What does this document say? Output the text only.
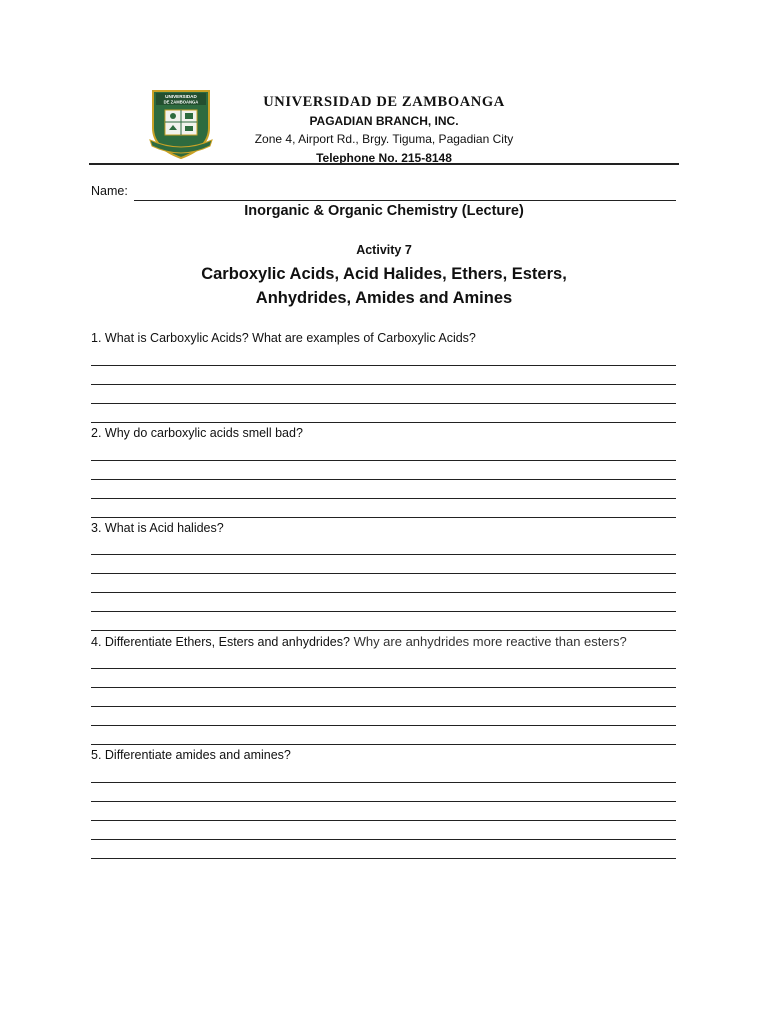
UNIVERSIDAD
DE ZAMBOANGA	UNIVERSIDAD DE ZAMBOANGA
PAGADIAN BRANCH, INC.
Zone 4, Airport Rd., Brgy. Tiguma, Pagadian City
Telephone No. 215-8148
Name:
Inorganic & Organic Chemistry (Lecture)
Activity 7
Carboxylic Acids, Acid Halides, Ethers, Esters,
Anhydrides, Amides and Amines
1. What is Carboxylic Acids? What are examples of Carboxylic Acids?
2. Why do carboxylic acids smell bad?
3. What is Acid halides?
4. Differentiate Ethers, Esters and anhydrides? Why are anhydrides more reactive than esters?
5. Differentiate amides and amines?
